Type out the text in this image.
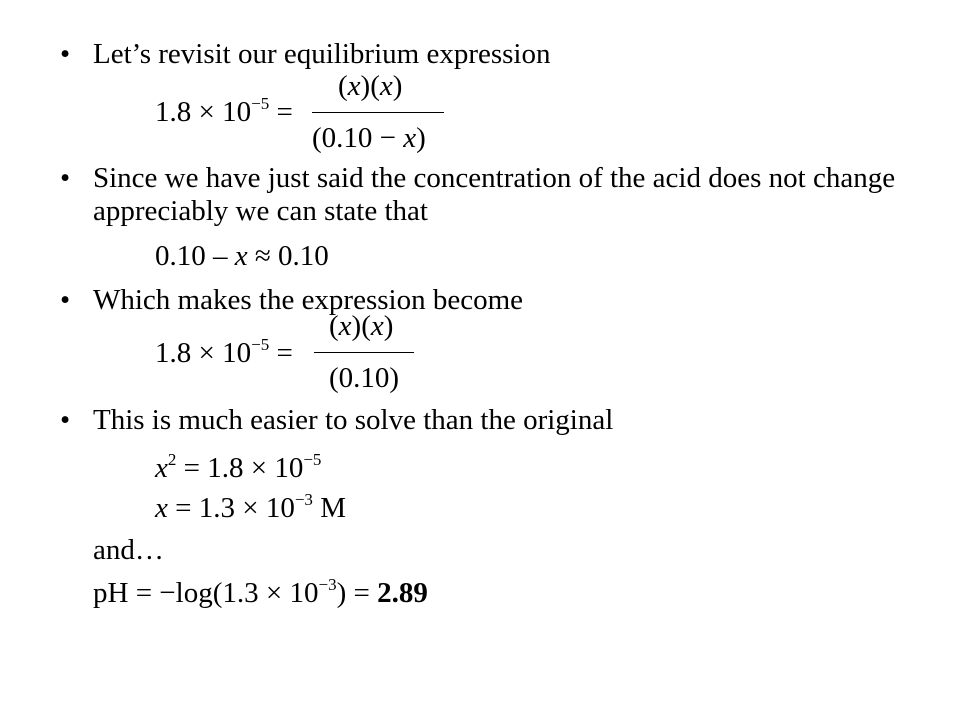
• Let’s revisit our equilibrium expression
$1.8 \times 10^{-5}$ =
(x)(x)
(0.10 − x)
• Since we have just said the concentration of the acid does not change appreciably we can state that
0.10 – x ≈ 0.10
• Which makes the expression become
$1.8 \times 10^{-5}$ =
(x)(x)
(0.10)
• This is much easier to solve than the original
$x^2 = 1.8 \times 10^{-5}$
$x = 1.3 \times 10^{-3}$ M
and…
pH = $-\log(1.3 \times 10^{-3}) = 2.89$
